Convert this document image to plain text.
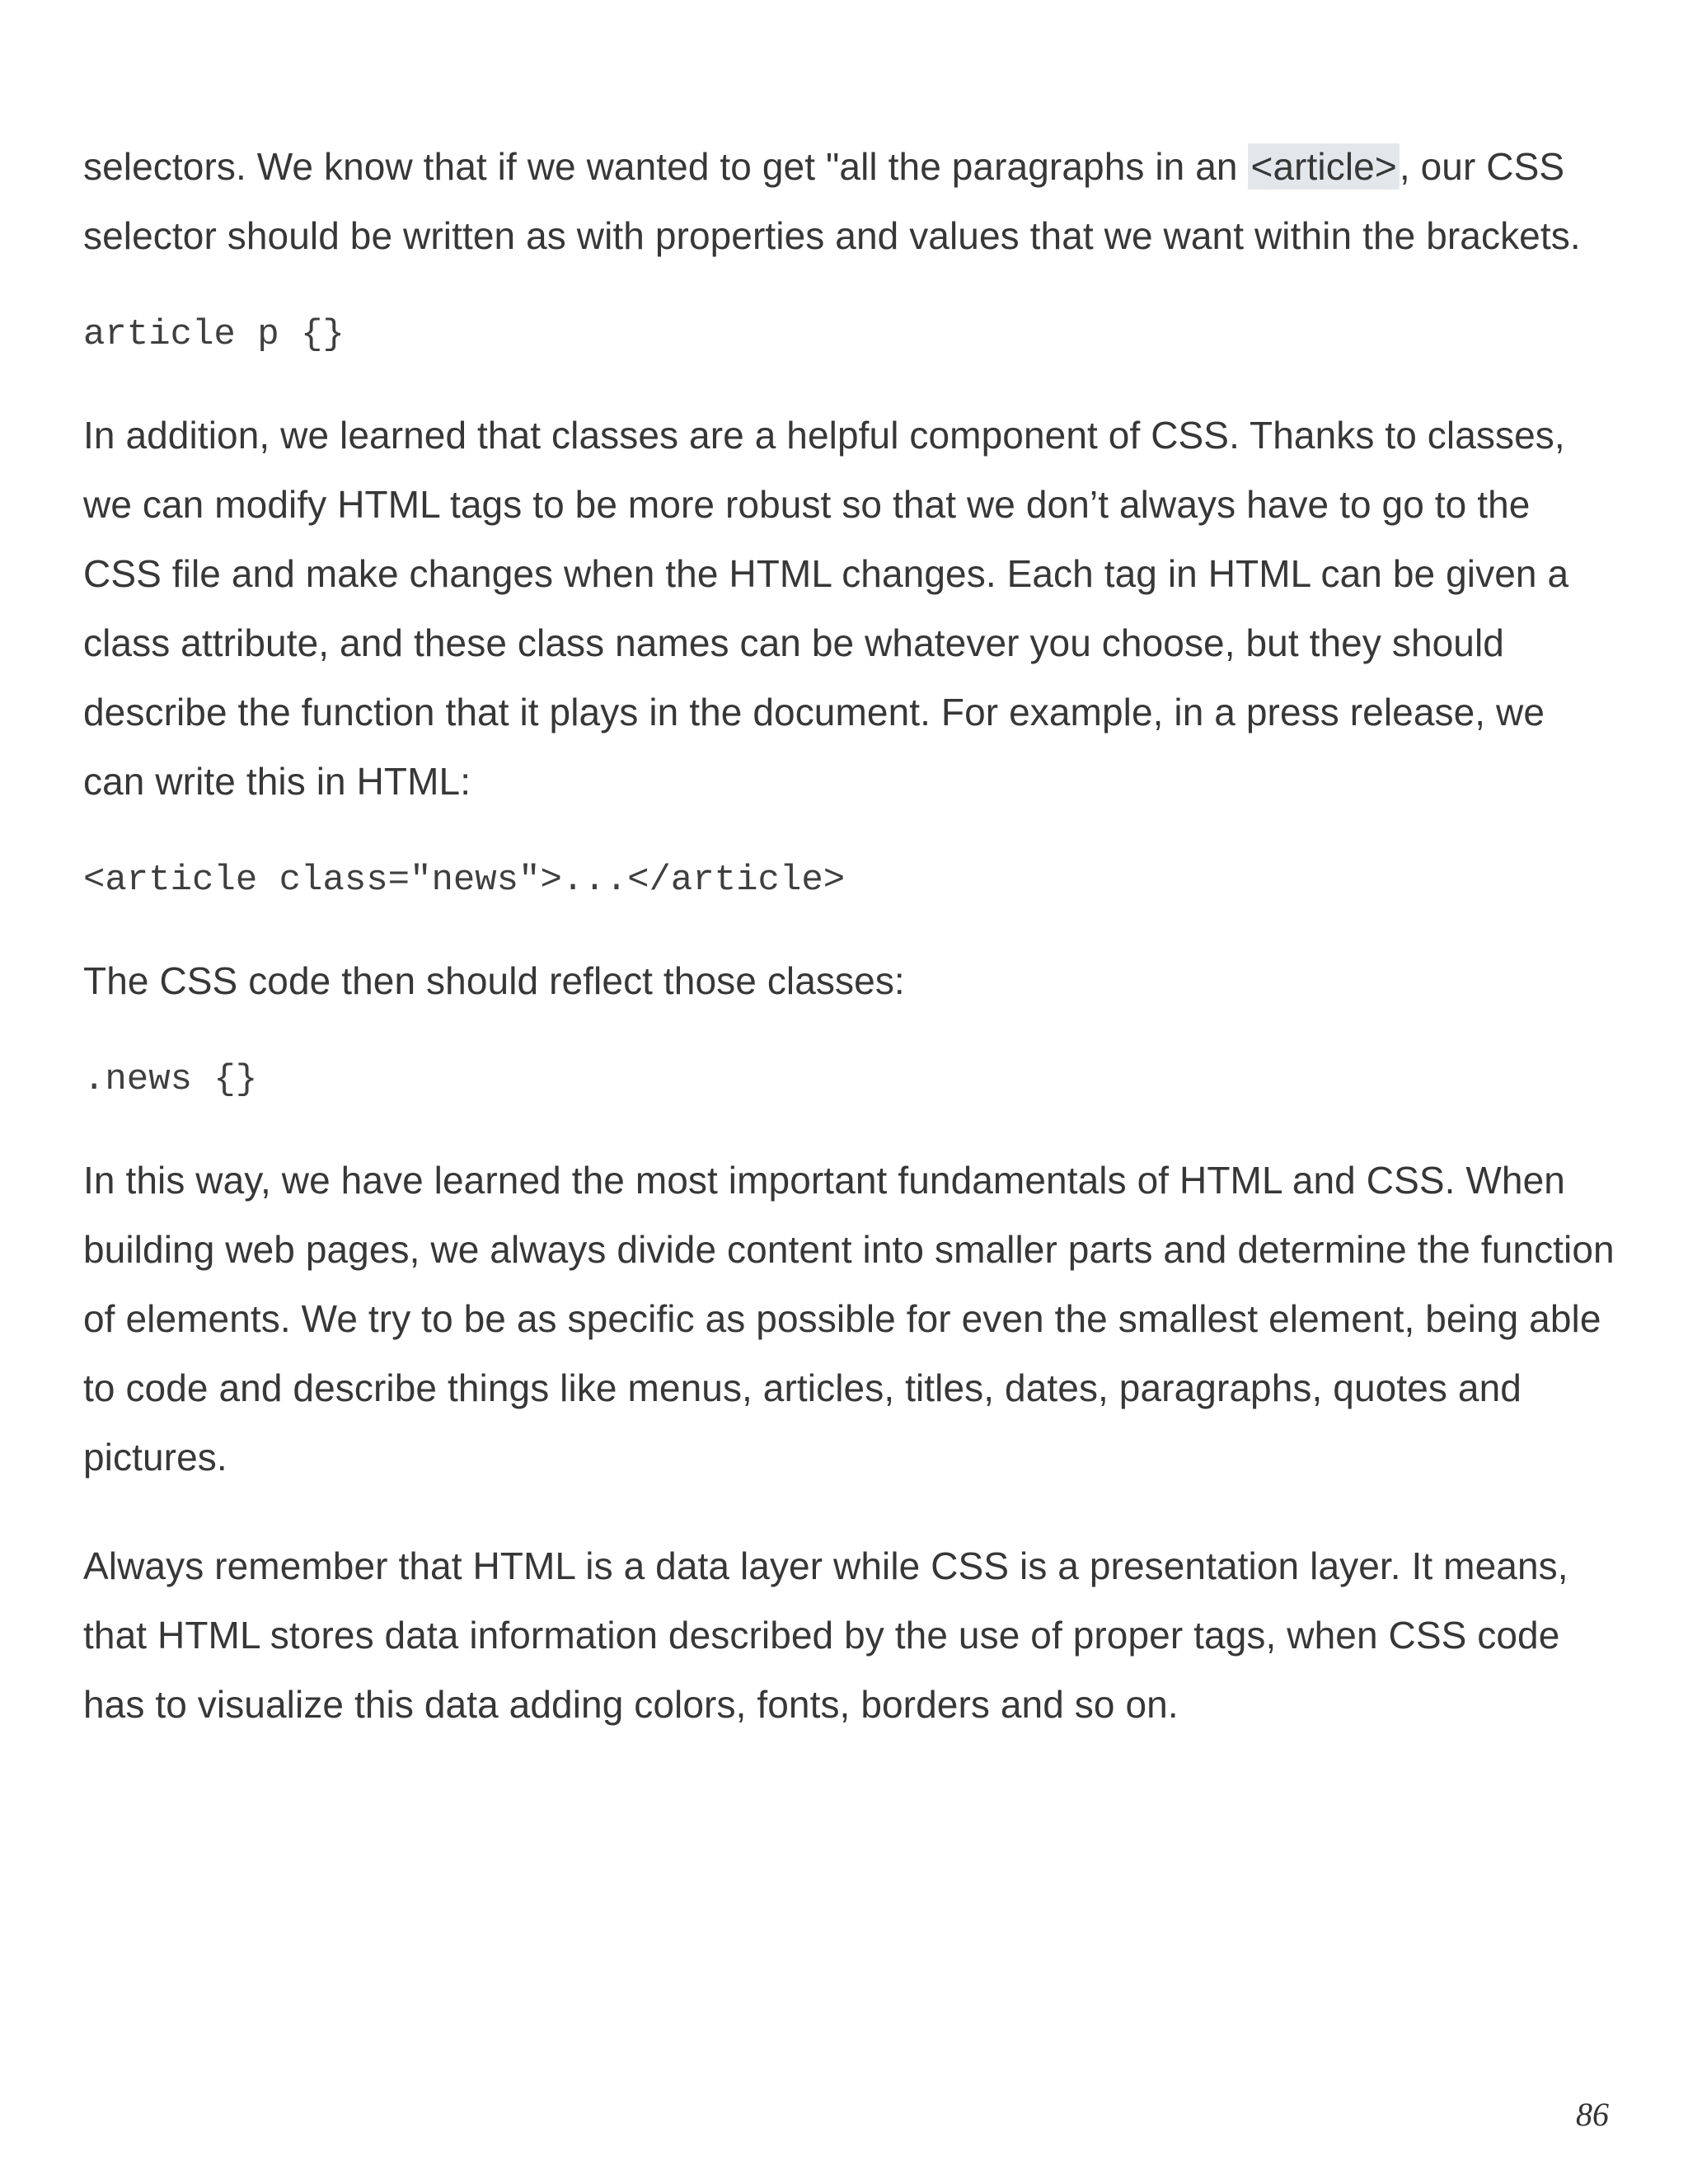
selectors. We know that if we wanted to get "all the paragraphs in an <article>, our CSS selector should be written as with properties and values that we want within the brackets.

article p {}

In addition, we learned that classes are a helpful component of CSS. Thanks to classes, we can modify HTML tags to be more robust so that we don’t always have to go to the CSS file and make changes when the HTML changes. Each tag in HTML can be given a class attribute, and these class names can be whatever you choose, but they should describe the function that it plays in the document. For example, in a press release, we can write this in HTML:

<article class="news">...</article>

The CSS code then should reflect those classes:

.news {}

In this way, we have learned the most important fundamentals of HTML and CSS. When building web pages, we always divide content into smaller parts and determine the function of elements. We try to be as specific as possible for even the smallest element, being able to code and describe things like menus, articles, titles, dates, paragraphs, quotes and pictures.

Always remember that HTML is a data layer while CSS is a presentation layer. It means, that HTML stores data information described by the use of proper tags, when CSS code has to visualize this data adding colors, fonts, borders and so on.

86
